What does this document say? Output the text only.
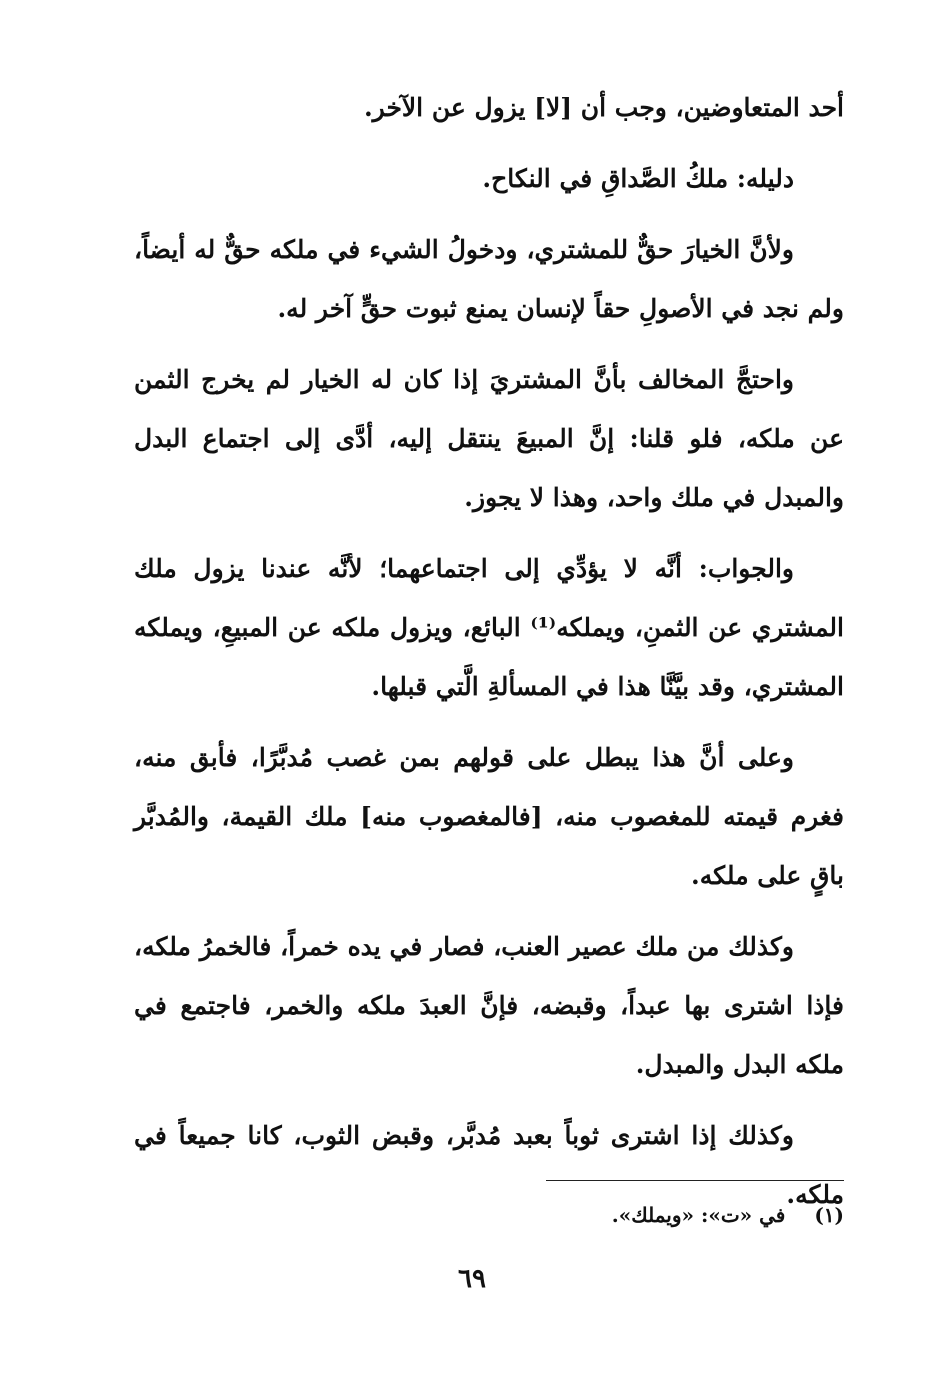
أحد المتعاوضين، وجب أن [لا] يزول عن الآخر.

دليله: ملكُ الصَّداقِ في النكاح.

ولأنَّ الخيارَ حقٌّ للمشتري، ودخولُ الشيء في ملكه حقٌّ له أيضاً، ولم نجد في الأصولِ حقاً لإنسان يمنع ثبوت حقٍّ آخر له.

واحتجَّ المخالف بأنَّ المشتريَ إذا كان له الخيار لم يخرج الثمن عن ملكه، فلو قلنا: إنَّ المبيعَ ينتقل إليه، أدَّى إلى اجتماع البدل والمبدل في ملك واحد، وهذا لا يجوز.

والجواب: أنَّه لا يؤدِّي إلى اجتماعهما؛ لأنَّه عندنا يزول ملك المشتري عن الثمنِ، ويملكه⁽¹⁾ البائع، ويزول ملكه عن المبيعِ، ويملكه المشتري، وقد بيَّنَّا هذا في المسألةِ الَّتي قبلها.

وعلى أنَّ هذا يبطل على قولهم بمن غصب مُدبَّرًا، فأبق منه، فغرم قيمته للمغصوب منه، [فالمغصوب منه] ملك القيمة، والمُدبَّر باقٍ على ملكه.

وكذلك من ملك عصير العنب، فصار في يده خمراً، فالخمرُ ملكه، فإذا اشترى بها عبداً، وقبضه، فإنَّ العبدَ ملكه والخمر، فاجتمع في ملكه البدل والمبدل.

وكذلك إذا اشترى ثوباً بعبد مُدبَّر، وقبض الثوب، كانا جميعاً في ملكه.

(١) في «ت»: «ويملك».
٦٩
